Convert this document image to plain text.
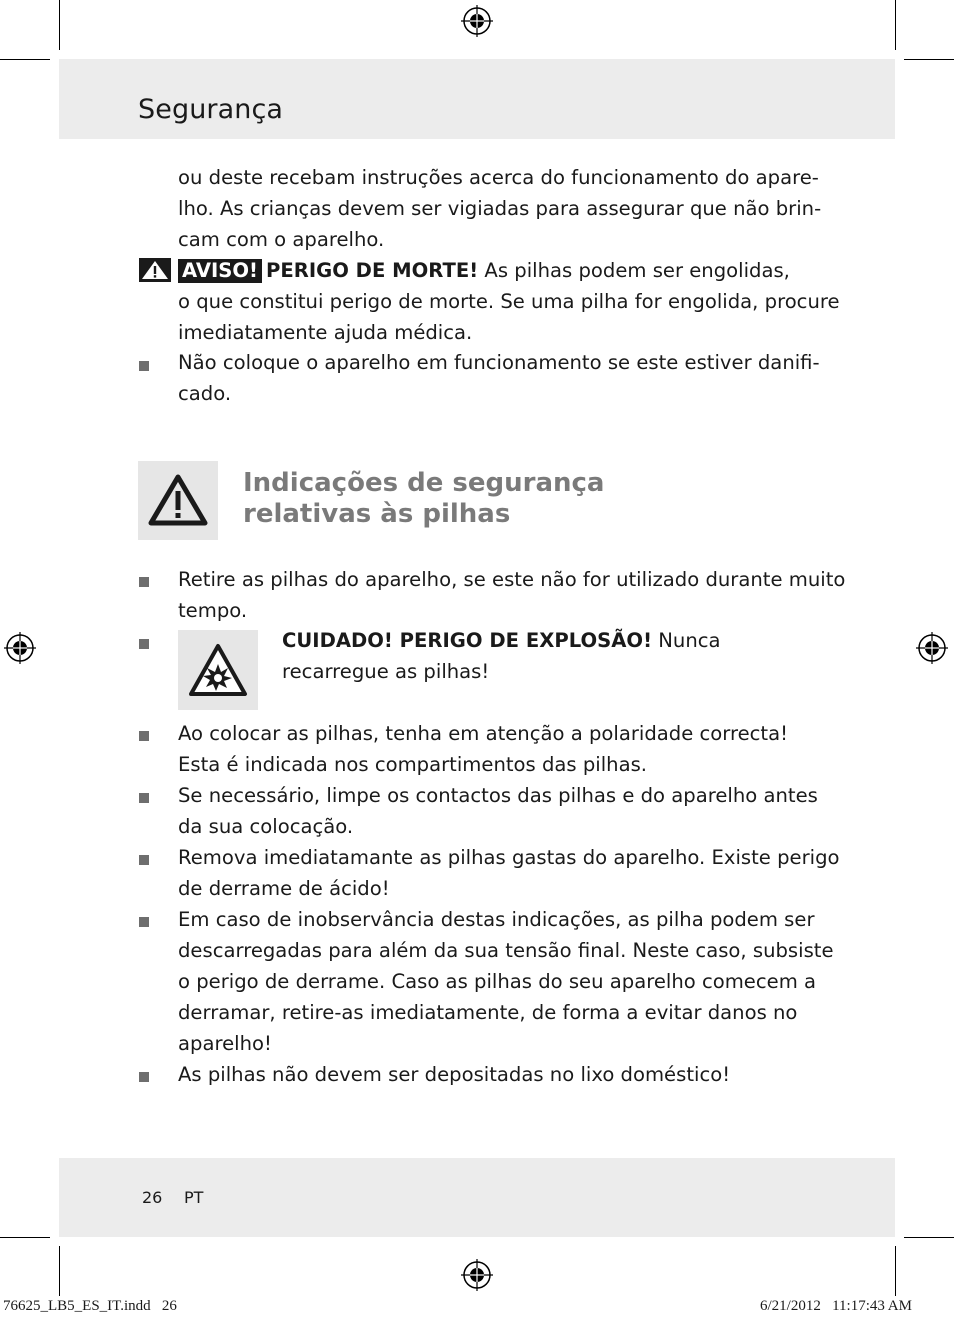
Segurança
ou deste recebam instruções acerca do funcionamento do apare-
lho. As crianças devem ser vigiadas para assegurar que não brin-
cam com o aparelho.
AVISO! PERIGO DE MORTE! As pilhas podem ser engolidas,
o que constitui perigo de morte. Se uma pilha for engolida, procure
imediatamente ajuda médica.
Não coloque o aparelho em funcionamento se este estiver danifi-
cado.
Indicações de segurança
relativas às pilhas
Retire as pilhas do aparelho, se este não for utilizado durante muito
tempo.
CUIDADO! PERIGO DE EXPLOSÃO! Nunca
recarregue as pilhas!
Ao colocar as pilhas, tenha em atenção a polaridade correcta!
Esta é indicada nos compartimentos das pilhas.
Se necessário, limpe os contactos das pilhas e do aparelho antes
da sua colocação.
Remova imediatamante as pilhas gastas do aparelho. Existe perigo
de derrame de ácido!
Em caso de inobservância destas indicações, as pilha podem ser
descarregadas para além da sua tensão final. Neste caso, subsiste
o perigo de derrame. Caso as pilhas do seu aparelho comecem a
derramar, retire-as imediatamente, de forma a evitar danos no
aparelho!
As pilhas não devem ser depositadas no lixo doméstico!
26 PT
76625_LB5_ES_IT.indd   26	6/21/2012   11:17:43 AM
